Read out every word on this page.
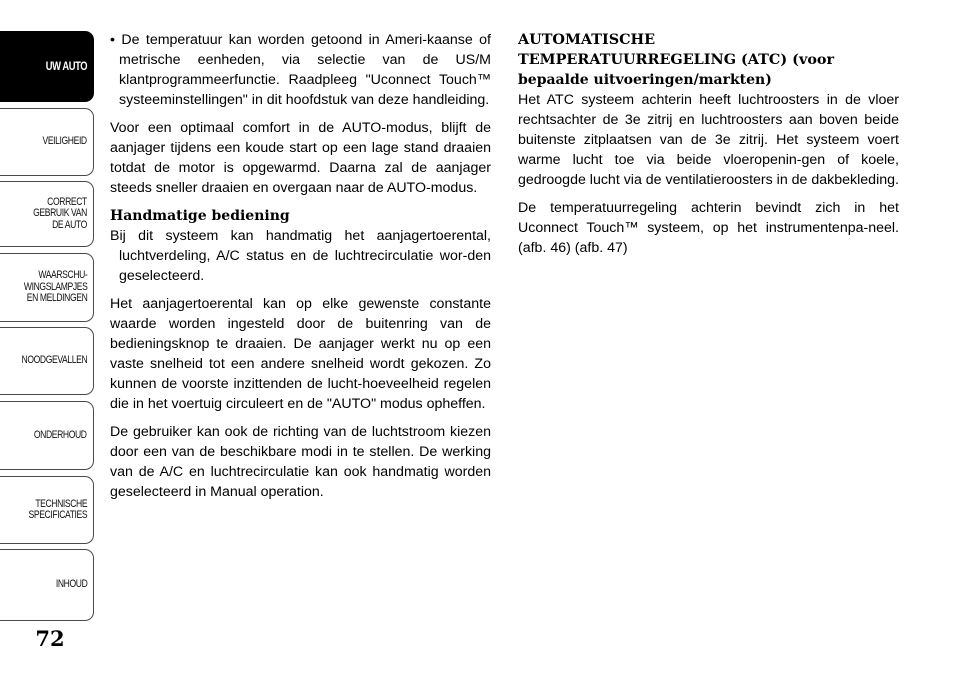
UW AUTO
VEILIGHEID
CORRECT
GEBRUIK VAN
DE AUTO
WAARSCHU-
WINGSLAMPJES
EN MELDINGEN
NOODGEVALLEN
ONDERHOUD
TECHNISCHE
SPECIFICATIES
INHOUD
72

• De temperatuur kan worden getoond in Ameri-kaanse of metrische eenheden, via selectie van de US/M klantprogrammeerfunctie. Raadpleeg "Uconnect Touch™ systeeminstellingen" in dit hoofdstuk van deze handleiding.

Voor een optimaal comfort in de AUTO-modus, blijft de aanjager tijdens een koude start op een lage stand draaien totdat de motor is opgewarmd. Daarna zal de aanjager steeds sneller draaien en overgaan naar de AUTO-modus.

Handmatige bediening

Bij dit systeem kan handmatig het aanjagertoerental, luchtverdeling, A/C status en de luchtrecirculatie wor-den geselecteerd.

Het aanjagertoerental kan op elke gewenste constante waarde worden ingesteld door de buitenring van de bedieningsknop te draaien. De aanjager werkt nu op een vaste snelheid tot een andere snelheid wordt gekozen. Zo kunnen de voorste inzittenden de lucht-hoeveelheid regelen die in het voertuig circuleert en de "AUTO" modus opheffen.

De gebruiker kan ook de richting van de luchtstroom kiezen door een van de beschikbare modi in te stellen. De werking van de A/C en luchtrecirculatie kan ook handmatig worden geselecteerd in Manual operation.

AUTOMATISCHE
TEMPERATUURREGELING (ATC) (voor
bepaalde uitvoeringen/markten)

Het ATC systeem achterin heeft luchtroosters in de vloer rechtsachter de 3e zitrij en luchtroosters aan boven beide buitenste zitplaatsen van de 3e zitrij. Het systeem voert warme lucht toe via beide vloeropenin-gen of koele, gedroogde lucht via de ventilatieroosters in de dakbekleding.

De temperatuurregeling achterin bevindt zich in het Uconnect Touch™ systeem, op het instrumentenpa-neel. (afb. 46) (afb. 47)
